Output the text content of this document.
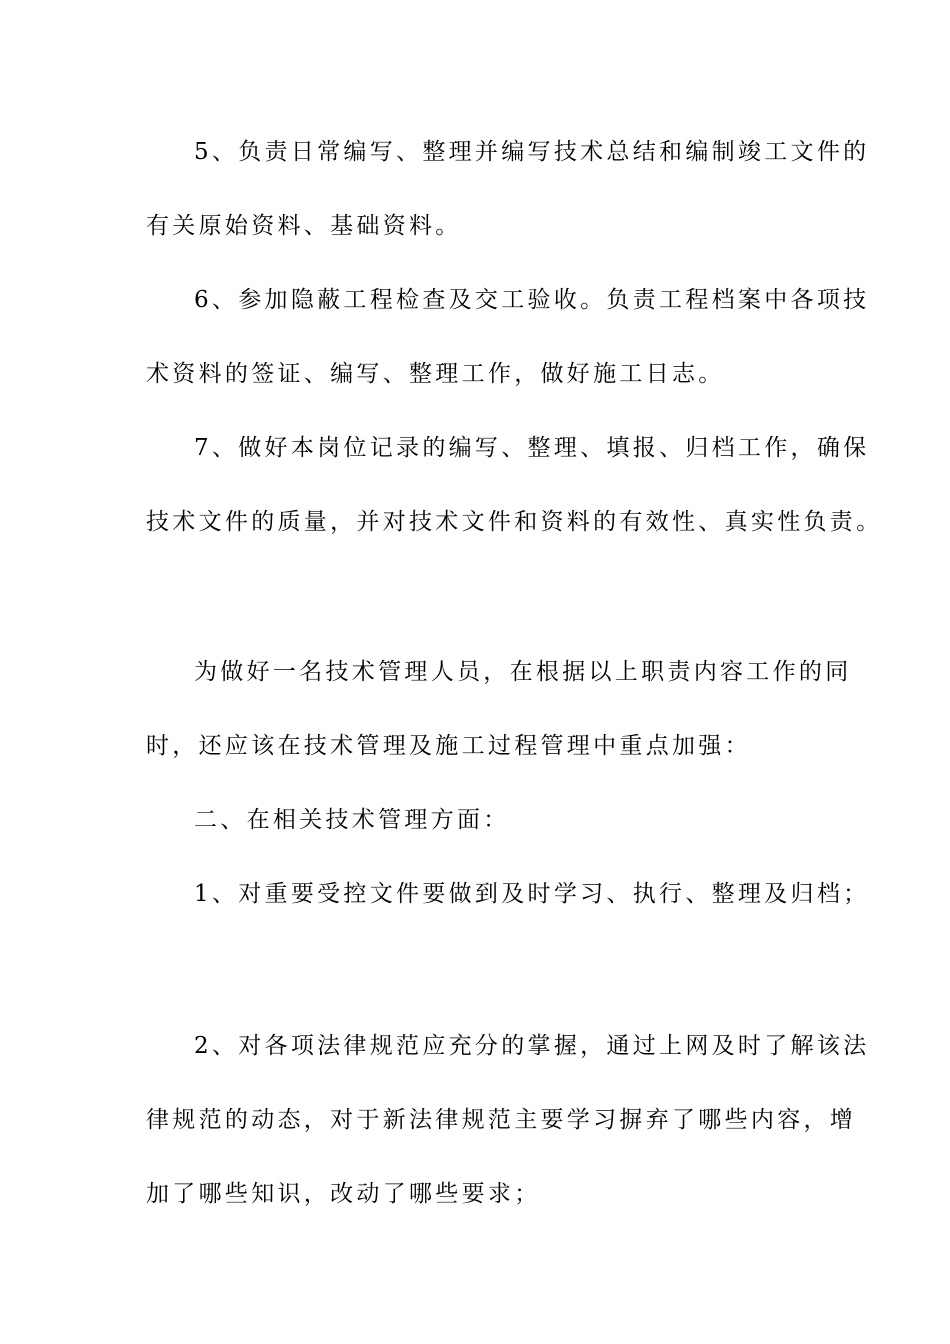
5、负责日常编写、整理并编写技术总结和编制竣工文件的
有关原始资料、基础资料。
6、参加隐蔽工程检查及交工验收。负责工程档案中各项技
术资料的签证、编写、整理工作，做好施工日志。
7、做好本岗位记录的编写、整理、填报、归档工作，确保
技术文件的质量，并对技术文件和资料的有效性、真实性负责。
为做好一名技术管理人员，在根据以上职责内容工作的同
时，还应该在技术管理及施工过程管理中重点加强：
二、在相关技术管理方面：
1、对重要受控文件要做到及时学习、执行、整理及归档；
2、对各项法律规范应充分的掌握，通过上网及时了解该法
律规范的动态，对于新法律规范主要学习摒弃了哪些内容，增
加了哪些知识，改动了哪些要求；
